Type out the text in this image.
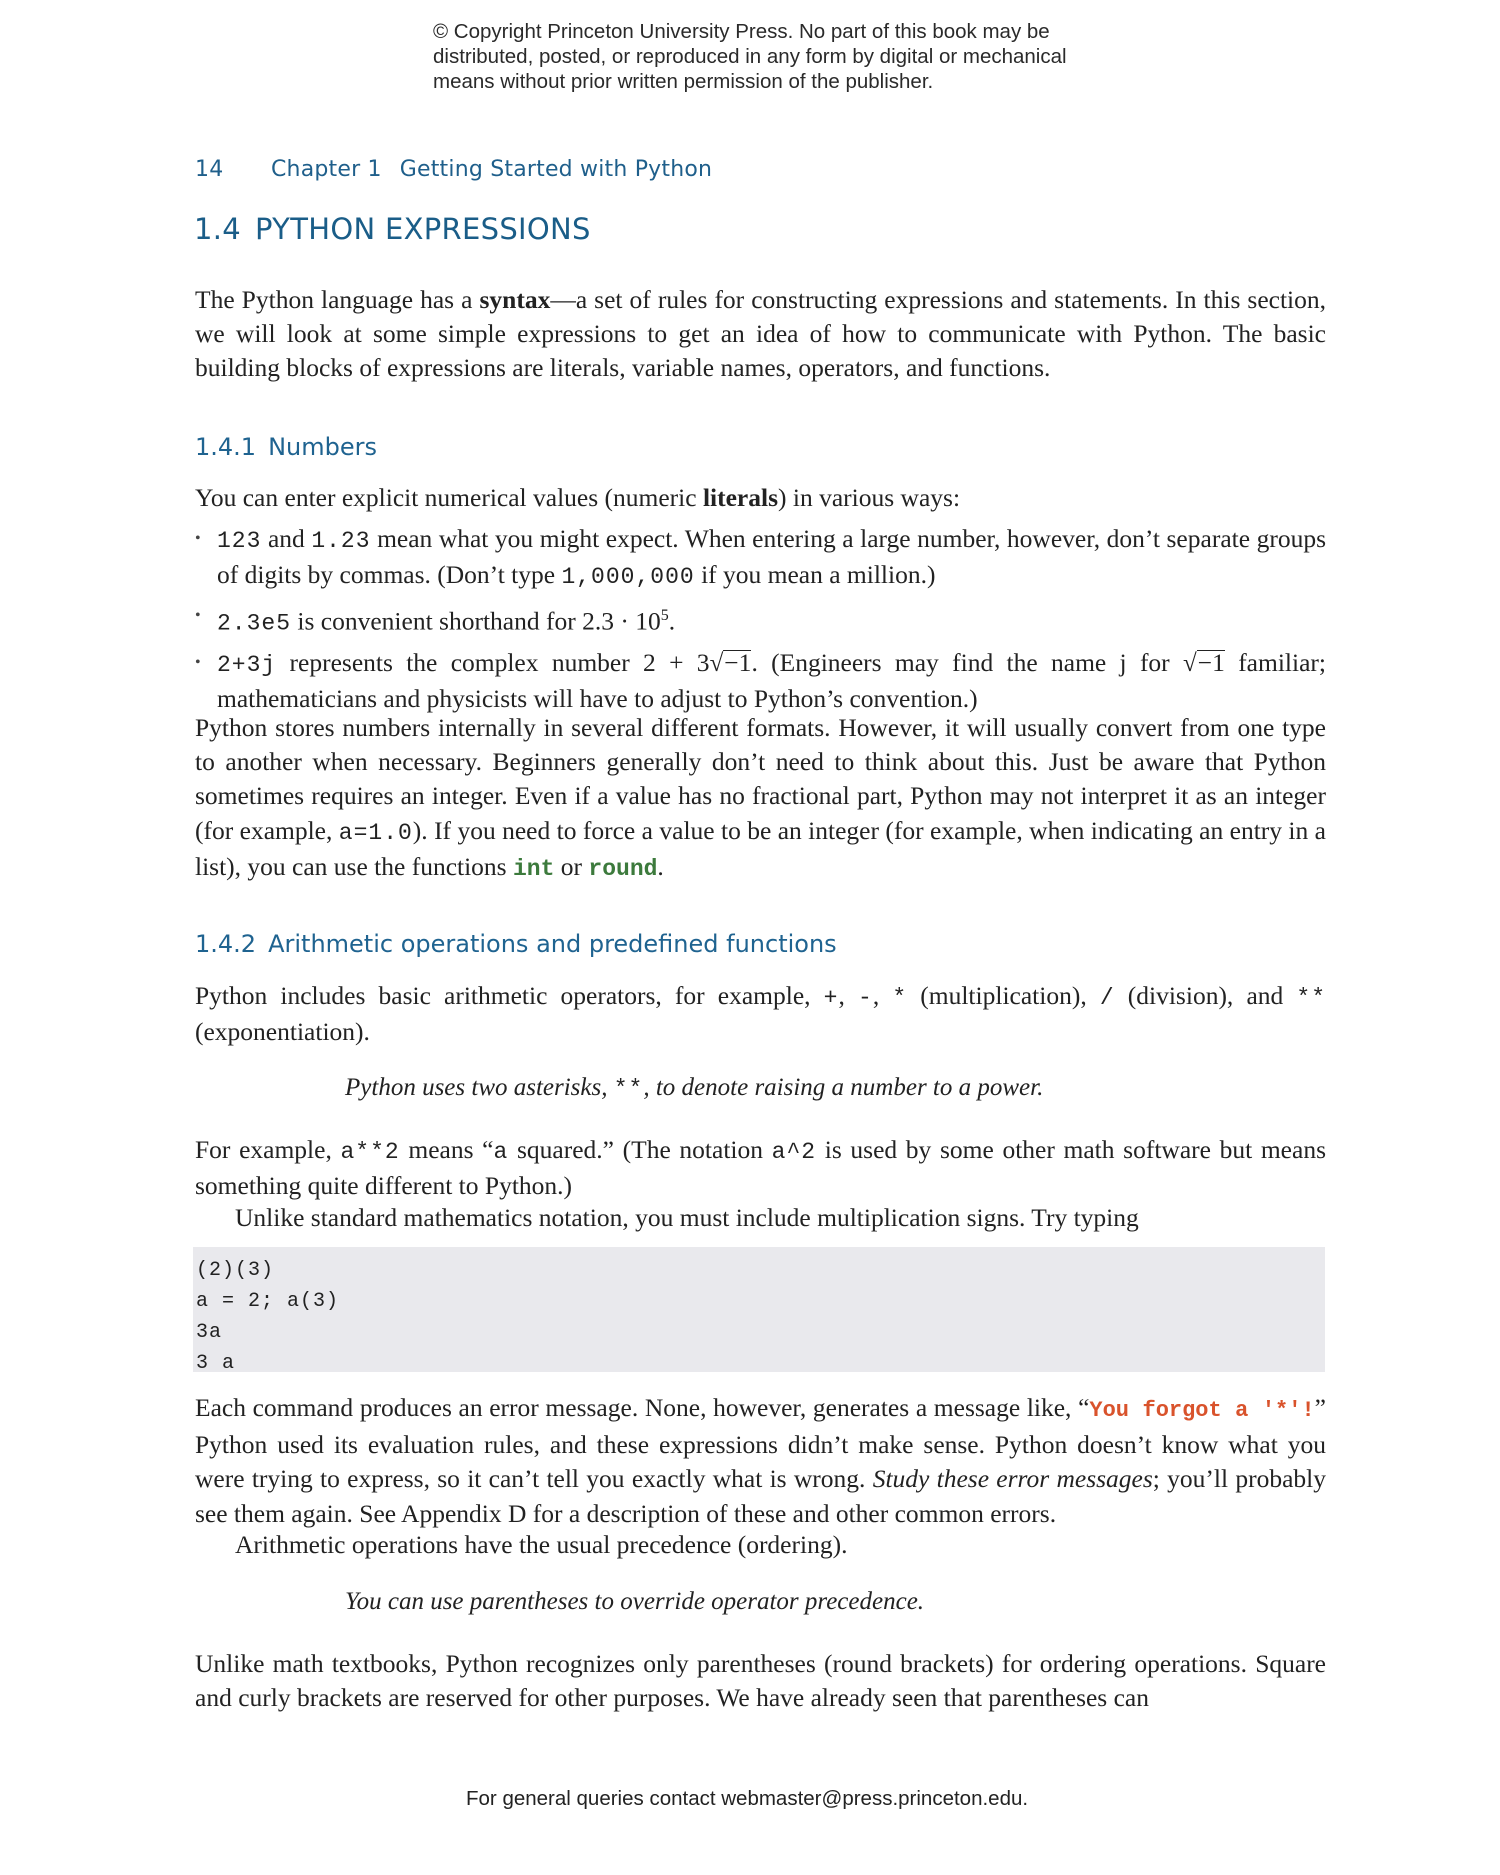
© Copyright Princeton University Press. No part of this book may be
distributed, posted, or reproduced in any form by digital or mechanical
means without prior written permission of the publisher.
14 Chapter 1 Getting Started with Python
1.4 PYTHON EXPRESSIONS
The Python language has a syntax—a set of rules for constructing expressions and statements. In this section, we will look at some simple expressions to get an idea of how to communicate with Python. The basic building blocks of expressions are literals, variable names, operators, and functions.
1.4.1 Numbers
You can enter explicit numerical values (numeric literals) in various ways:
• 123 and 1.23 mean what you might expect. When entering a large number, however, don’t separate groups of digits by commas. (Don’t type 1,000,000 if you mean a million.)
• 2.3e5 is convenient shorthand for $2.3 \cdot 10^5$.
• 2+3j represents the complex number 2 + 3√−1. (Engineers may find the name j for √−1 familiar; mathematicians and physicists will have to adjust to Python’s convention.)
Python stores numbers internally in several different formats. However, it will usually convert from one type to another when necessary. Beginners generally don’t need to think about this. Just be aware that Python sometimes requires an integer. Even if a value has no fractional part, Python may not interpret it as an integer (for example, a=1.0). If you need to force a value to be an integer (for example, when indicating an entry in a list), you can use the functions int or round.
1.4.2 Arithmetic operations and predefined functions
Python includes basic arithmetic operators, for example, +, -, * (multiplication), / (division), and ** (exponentiation).
Python uses two asterisks, **, to denote raising a number to a power.
For example, a**2 means “a squared.” (The notation a^2 is used by some other math software but means something quite different to Python.)
Unlike standard mathematics notation, you must include multiplication signs. Try typing
(2)(3)
a = 2; a(3)
3a
3 a
Each command produces an error message. None, however, generates a message like, “You forgot a '*'!” Python used its evaluation rules, and these expressions didn’t make sense. Python doesn’t know what you were trying to express, so it can’t tell you exactly what is wrong. Study these error messages; you’ll probably see them again. See Appendix D for a description of these and other common errors.
Arithmetic operations have the usual precedence (ordering).
You can use parentheses to override operator precedence.
Unlike math textbooks, Python recognizes only parentheses (round brackets) for ordering operations. Square and curly brackets are reserved for other purposes. We have already seen that parentheses can
For general queries contact webmaster@press.princeton.edu.
